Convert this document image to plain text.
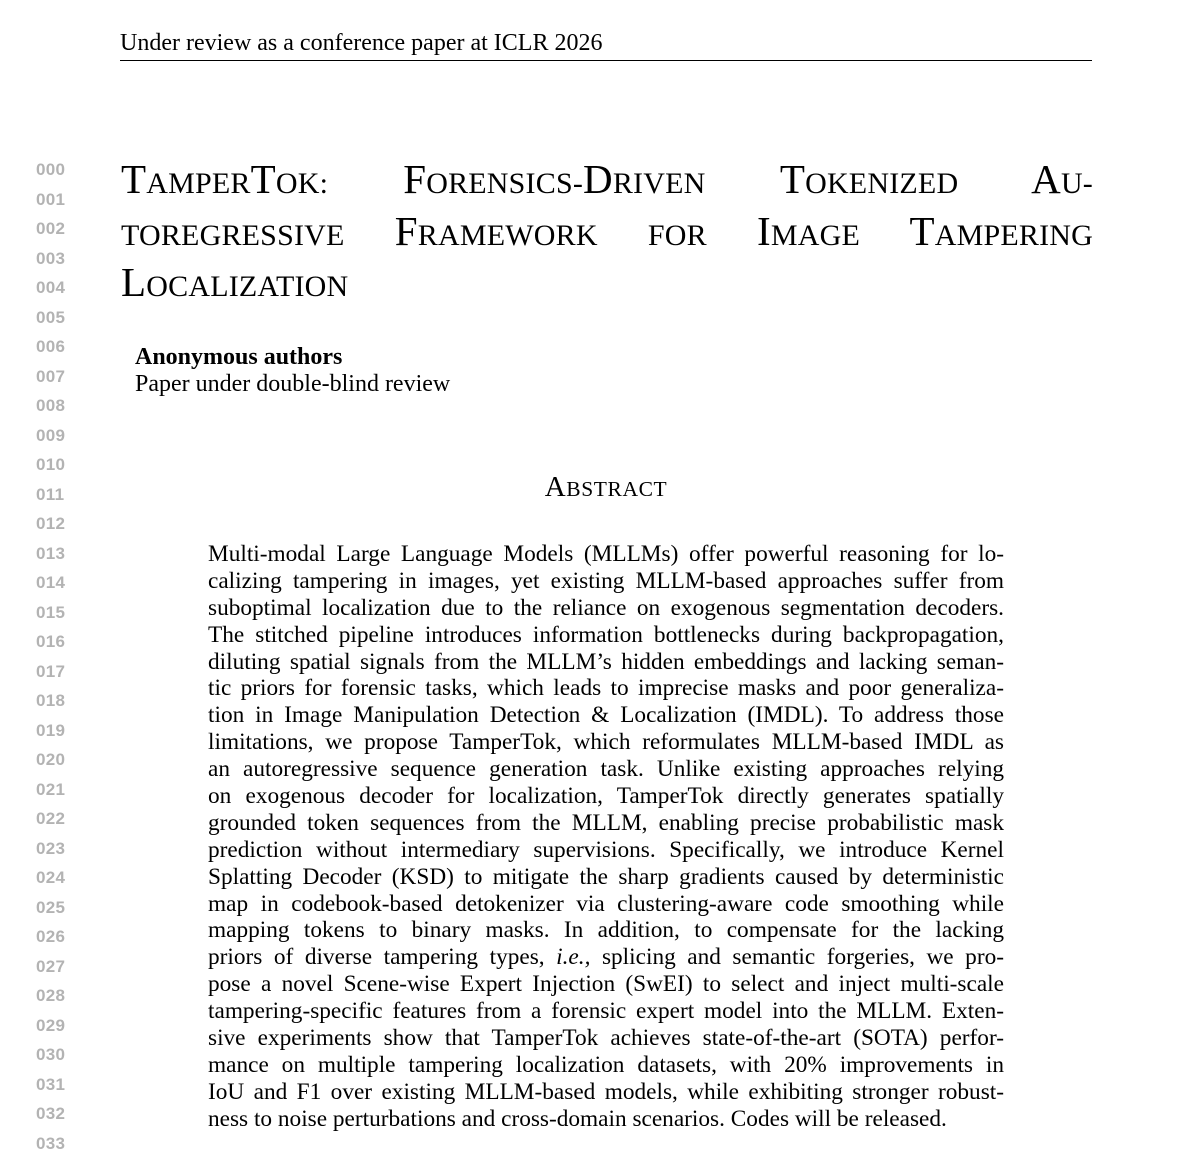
Under review as a conference paper at ICLR 2026
000
001
002
003
004
005
006
007
008
009
010
011
012
013
014
015
016
017
018
019
020
021
022
023
024
025
026
027
028
029
030
031
032
033
TAMPERTOK: FORENSICS-DRIVEN TOKENIZED AU-
TOREGRESSIVE FRAMEWORK FOR IMAGE TAMPERING
LOCALIZATION
Anonymous authors
Paper under double-blind review
ABSTRACT
Multi-modal Large Language Models (MLLMs) offer powerful reasoning for lo-
calizing tampering in images, yet existing MLLM-based approaches suffer from
suboptimal localization due to the reliance on exogenous segmentation decoders.
The stitched pipeline introduces information bottlenecks during backpropagation,
diluting spatial signals from the MLLM’s hidden embeddings and lacking seman-
tic priors for forensic tasks, which leads to imprecise masks and poor generaliza-
tion in Image Manipulation Detection & Localization (IMDL). To address those
limitations, we propose TamperTok, which reformulates MLLM-based IMDL as
an autoregressive sequence generation task. Unlike existing approaches relying
on exogenous decoder for localization, TamperTok directly generates spatially
grounded token sequences from the MLLM, enabling precise probabilistic mask
prediction without intermediary supervisions. Specifically, we introduce Kernel
Splatting Decoder (KSD) to mitigate the sharp gradients caused by deterministic
map in codebook-based detokenizer via clustering-aware code smoothing while
mapping tokens to binary masks. In addition, to compensate for the lacking
priors of diverse tampering types, i.e., splicing and semantic forgeries, we pro-
pose a novel Scene-wise Expert Injection (SwEI) to select and inject multi-scale
tampering-specific features from a forensic expert model into the MLLM. Exten-
sive experiments show that TamperTok achieves state-of-the-art (SOTA) perfor-
mance on multiple tampering localization datasets, with 20% improvements in
IoU and F1 over existing MLLM-based models, while exhibiting stronger robust-
ness to noise perturbations and cross-domain scenarios. Codes will be released.
